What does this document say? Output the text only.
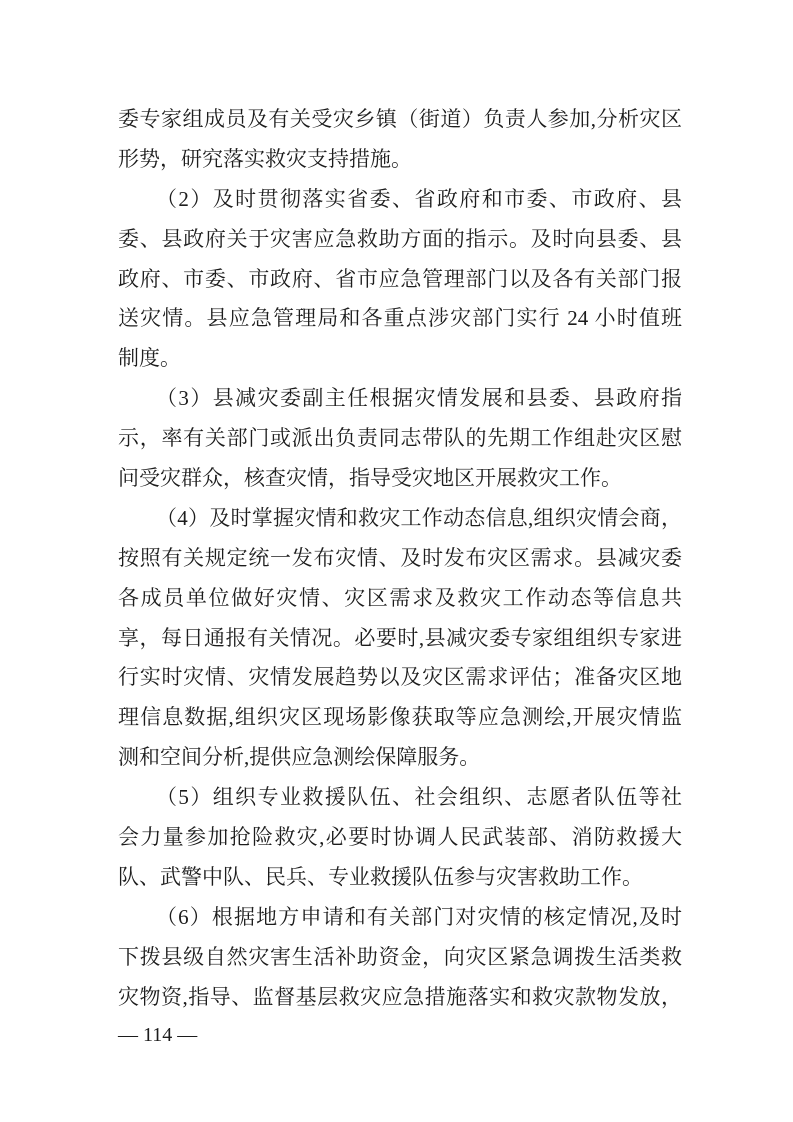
委专家组成员及有关受灾乡镇（街道）负责人参加,分析灾区
形势，研究落实救灾支持措施。
（2）及时贯彻落实省委、省政府和市委、市政府、县
委、县政府关于灾害应急救助方面的指示。及时向县委、县
政府、市委、市政府、省市应急管理部门以及各有关部门报
送灾情。县应急管理局和各重点涉灾部门实行 24 小时值班
制度。
（3）县减灾委副主任根据灾情发展和县委、县政府指
示，率有关部门或派出负责同志带队的先期工作组赴灾区慰
问受灾群众，核查灾情，指导受灾地区开展救灾工作。
（4）及时掌握灾情和救灾工作动态信息,组织灾情会商，
按照有关规定统一发布灾情、及时发布灾区需求。县减灾委
各成员单位做好灾情、灾区需求及救灾工作动态等信息共
享，每日通报有关情况。必要时,县减灾委专家组组织专家进
行实时灾情、灾情发展趋势以及灾区需求评估；准备灾区地
理信息数据,组织灾区现场影像获取等应急测绘,开展灾情监
测和空间分析,提供应急测绘保障服务。
（5）组织专业救援队伍、社会组织、志愿者队伍等社
会力量参加抢险救灾,必要时协调人民武装部、消防救援大
队、武警中队、民兵、专业救援队伍参与灾害救助工作。
（6）根据地方申请和有关部门对灾情的核定情况,及时
下拨县级自然灾害生活补助资金，向灾区紧急调拨生活类救
灾物资,指导、监督基层救灾应急措施落实和救灾款物发放，
— 114 —
